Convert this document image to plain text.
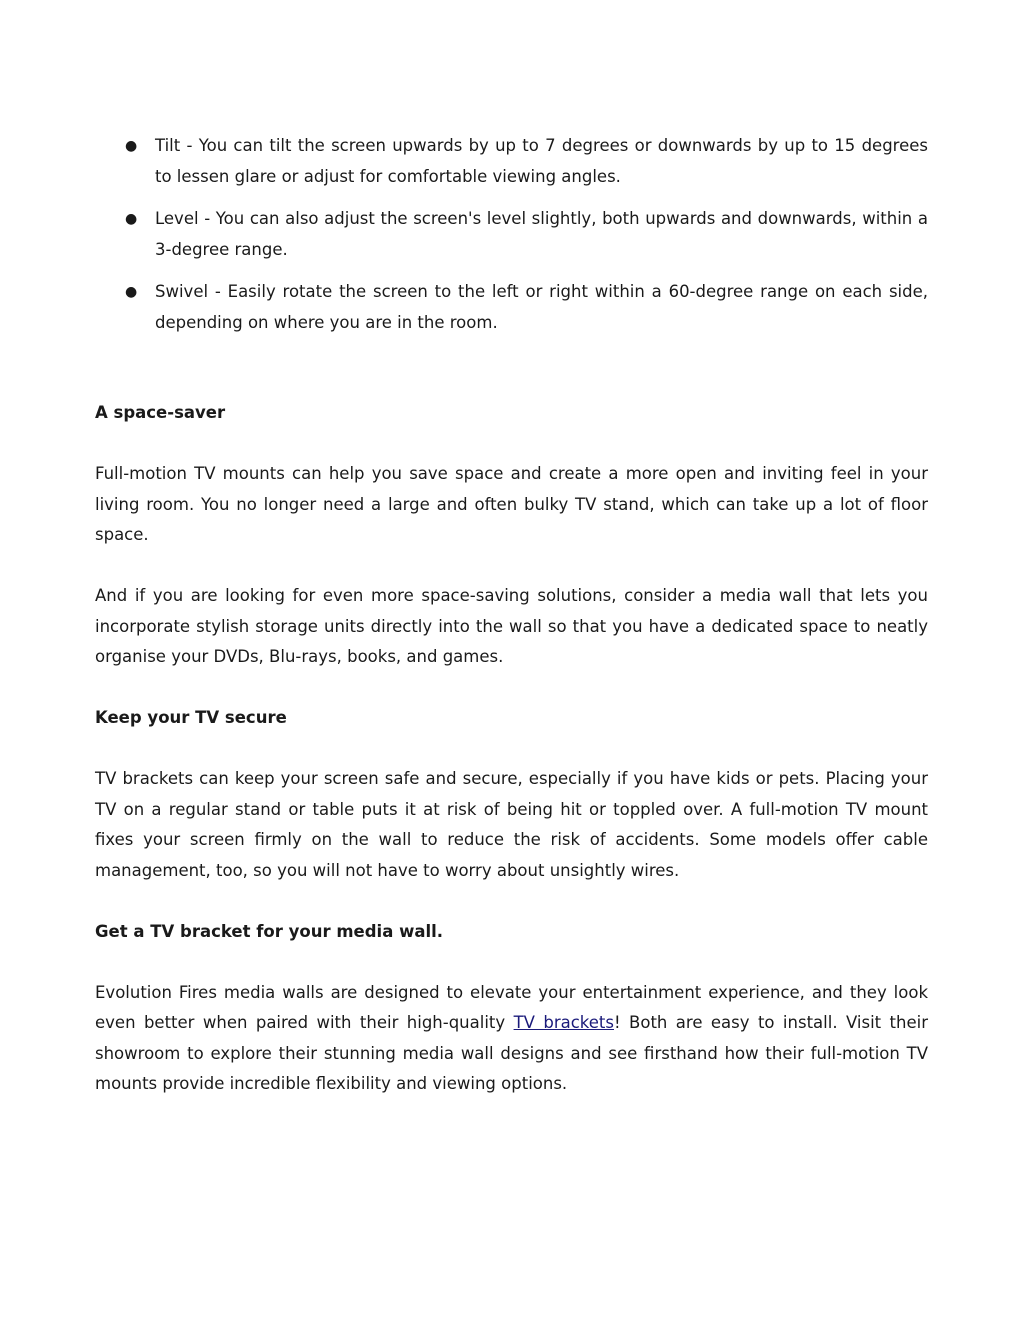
● Tilt - You can tilt the screen upwards by up to 7 degrees or downwards by up to 15 degrees to lessen glare or adjust for comfortable viewing angles.
● Level - You can also adjust the screen's level slightly, both upwards and downwards, within a 3-degree range.
● Swivel - Easily rotate the screen to the left or right within a 60-degree range on each side, depending on where you are in the room.
A space-saver

Full-motion TV mounts can help you save space and create a more open and inviting feel in your living room. You no longer need a large and often bulky TV stand, which can take up a lot of floor space.

And if you are looking for even more space-saving solutions, consider a media wall that lets you incorporate stylish storage units directly into the wall so that you have a dedicated space to neatly organise your DVDs, Blu-rays, books, and games.

Keep your TV secure

TV brackets can keep your screen safe and secure, especially if you have kids or pets. Placing your TV on a regular stand or table puts it at risk of being hit or toppled over. A full-motion TV mount fixes your screen firmly on the wall to reduce the risk of accidents. Some models offer cable management, too, so you will not have to worry about unsightly wires.

Get a TV bracket for your media wall.

Evolution Fires media walls are designed to elevate your entertainment experience, and they look even better when paired with their high-quality TV brackets! Both are easy to install. Visit their showroom to explore their stunning media wall designs and see firsthand how their full-motion TV mounts provide incredible flexibility and viewing options.
